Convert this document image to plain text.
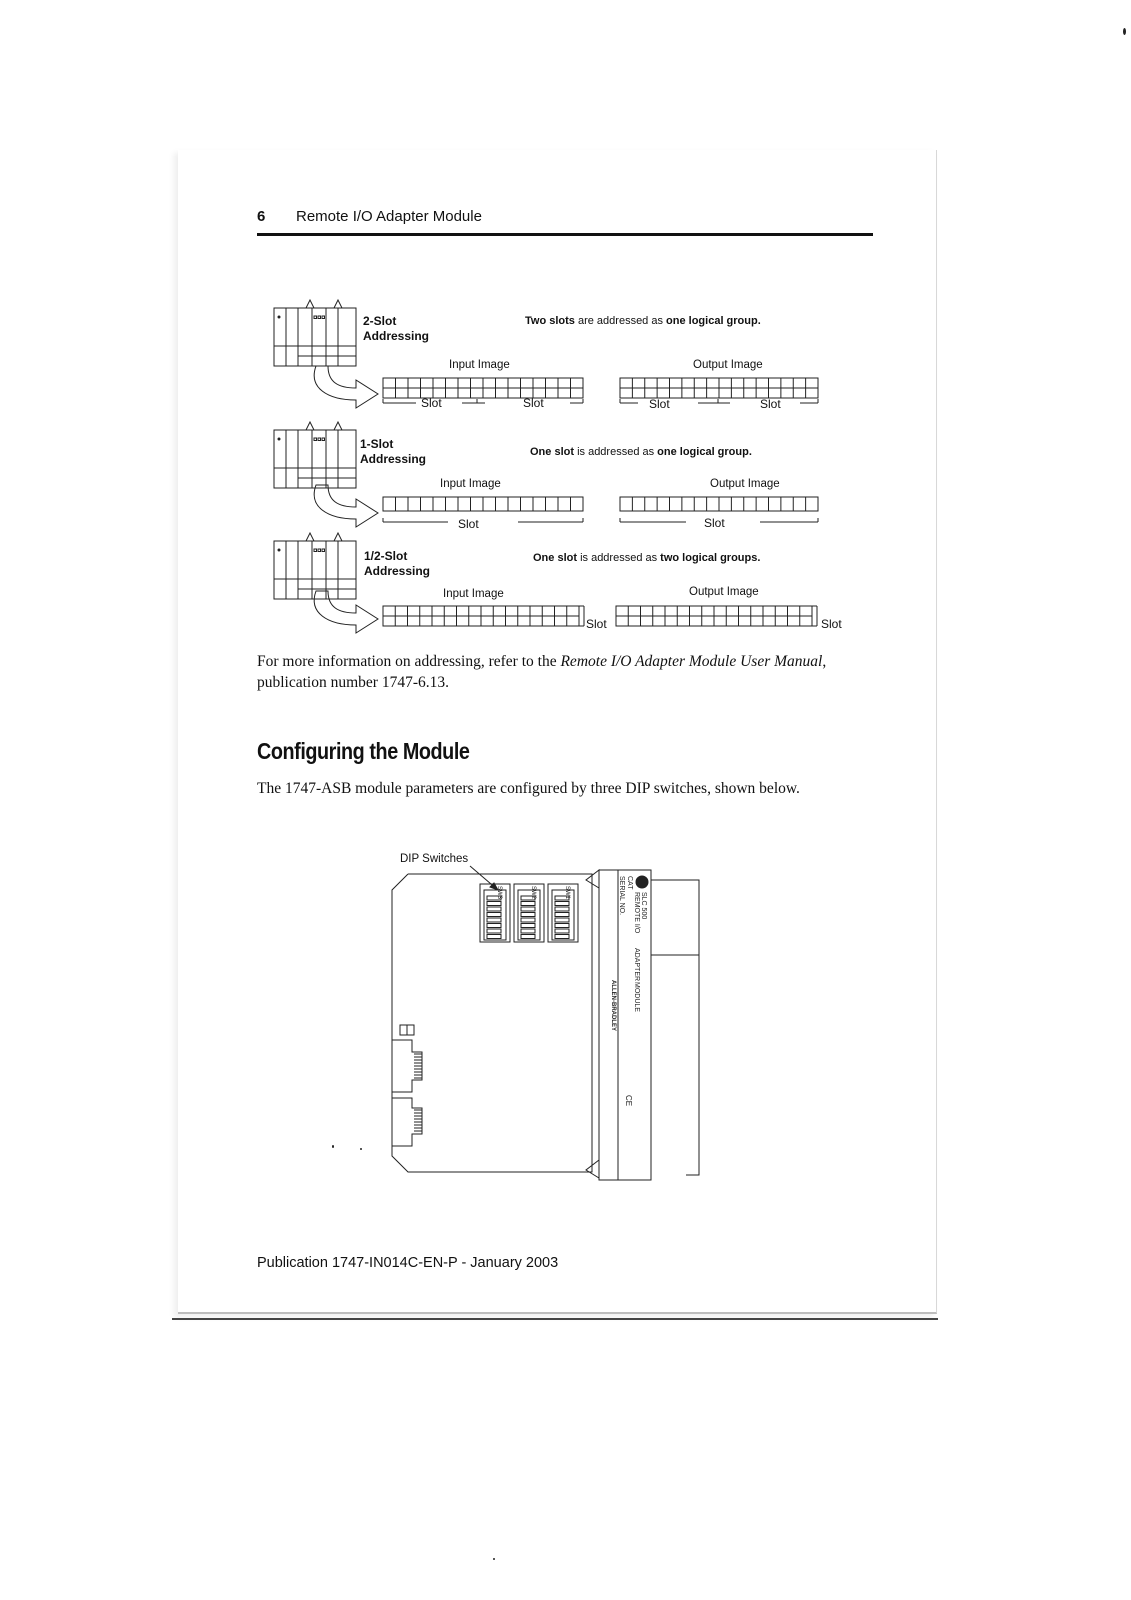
6 Remote I/O Adapter Module
2-Slot
Addressing
1-Slot
Addressing
1/2-Slot
Addressing
Two slots are addressed as one logical group.
One slot is addressed as one logical group.
One slot is addressed as two logical groups.
Input Image	Output Image
Input Image	Output Image
Input Image	Output Image
Slot	Slot	Slot	Slot
Slot	Slot
Slot	Slot
For more information on addressing, refer to the Remote I/O Adapter Module User Manual, publication number 1747-6.13.
Configuring the Module
The 1747-ASB module parameters are configured by three DIP switches, shown below.
DIP Switches
SW3	SW2	SW1	SLC 500
REMOTE I/O
ADAPTER
MODULE
CAT
SERIAL NO.
ALLEN-BRADLEY
CE
Publication 1747-IN014C-EN-P - January 2003
